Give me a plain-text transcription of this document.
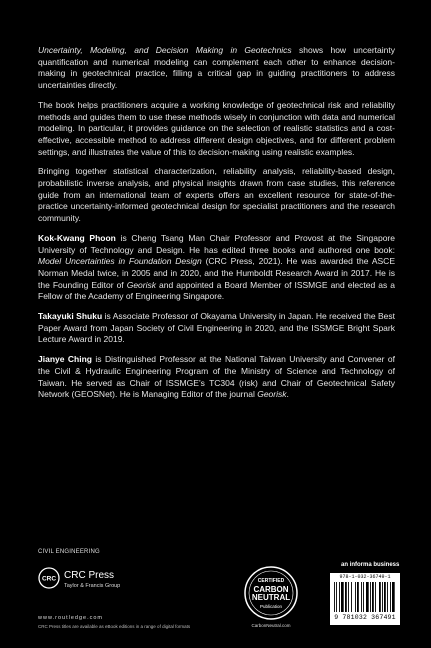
Uncertainty, Modeling, and Decision Making in Geotechnics shows how uncertainty quantification and numerical modeling can complement each other to enhance decision-making in geotechnical practice, filling a critical gap in guiding practitioners to address uncertainties directly.

The book helps practitioners acquire a working knowledge of geotechnical risk and reliability methods and guides them to use these methods wisely in conjunction with data and numerical modeling. In particular, it provides guidance on the selection of realistic statistics and a cost-effective, accessible method to address different design objectives, and for different problem settings, and illustrates the value of this to decision-making using realistic examples.

Bringing together statistical characterization, reliability analysis, reliability-based design, probabilistic inverse analysis, and physical insights drawn from case studies, this reference guide from an international team of experts offers an excellent resource for state-of-the-practice uncertainty-informed geotechnical design for specialist practitioners and the research community.

Kok-Kwang Phoon is Cheng Tsang Man Chair Professor and Provost at the Singapore University of Technology and Design. He has edited three books and authored one book: Model Uncertainties in Foundation Design (CRC Press, 2021). He was awarded the ASCE Norman Medal twice, in 2005 and in 2020, and the Humboldt Research Award in 2017. He is the Founding Editor of Georisk and appointed a Board Member of ISSMGE and elected as a Fellow of the Academy of Engineering Singapore.

Takayuki Shuku is Associate Professor of Okayama University in Japan. He received the Best Paper Award from Japan Society of Civil Engineering in 2020, and the ISSMGE Bright Spark Lecture Award in 2019.

Jianye Ching is Distinguished Professor at the National Taiwan University and Convener of the Civil & Hydraulic Engineering Program of the Ministry of Science and Technology of Taiwan. He served as Chair of ISSMGE’s TC304 (risk) and Chair of Geotechnical Safety Network (GEOSNet). He is Managing Editor of the journal Georisk.

CIVIL ENGINEERING
CRC CRC Press
Taylor & Francis Group
www.routledge.com
CRC Press titles are available as eBook editions in a range of digital formats
CERTIFIED
CARBON
NEUTRAL
Publication
CarbonNeutral.com
an informa business
978-1-032-36749-1
9 781032 367491
